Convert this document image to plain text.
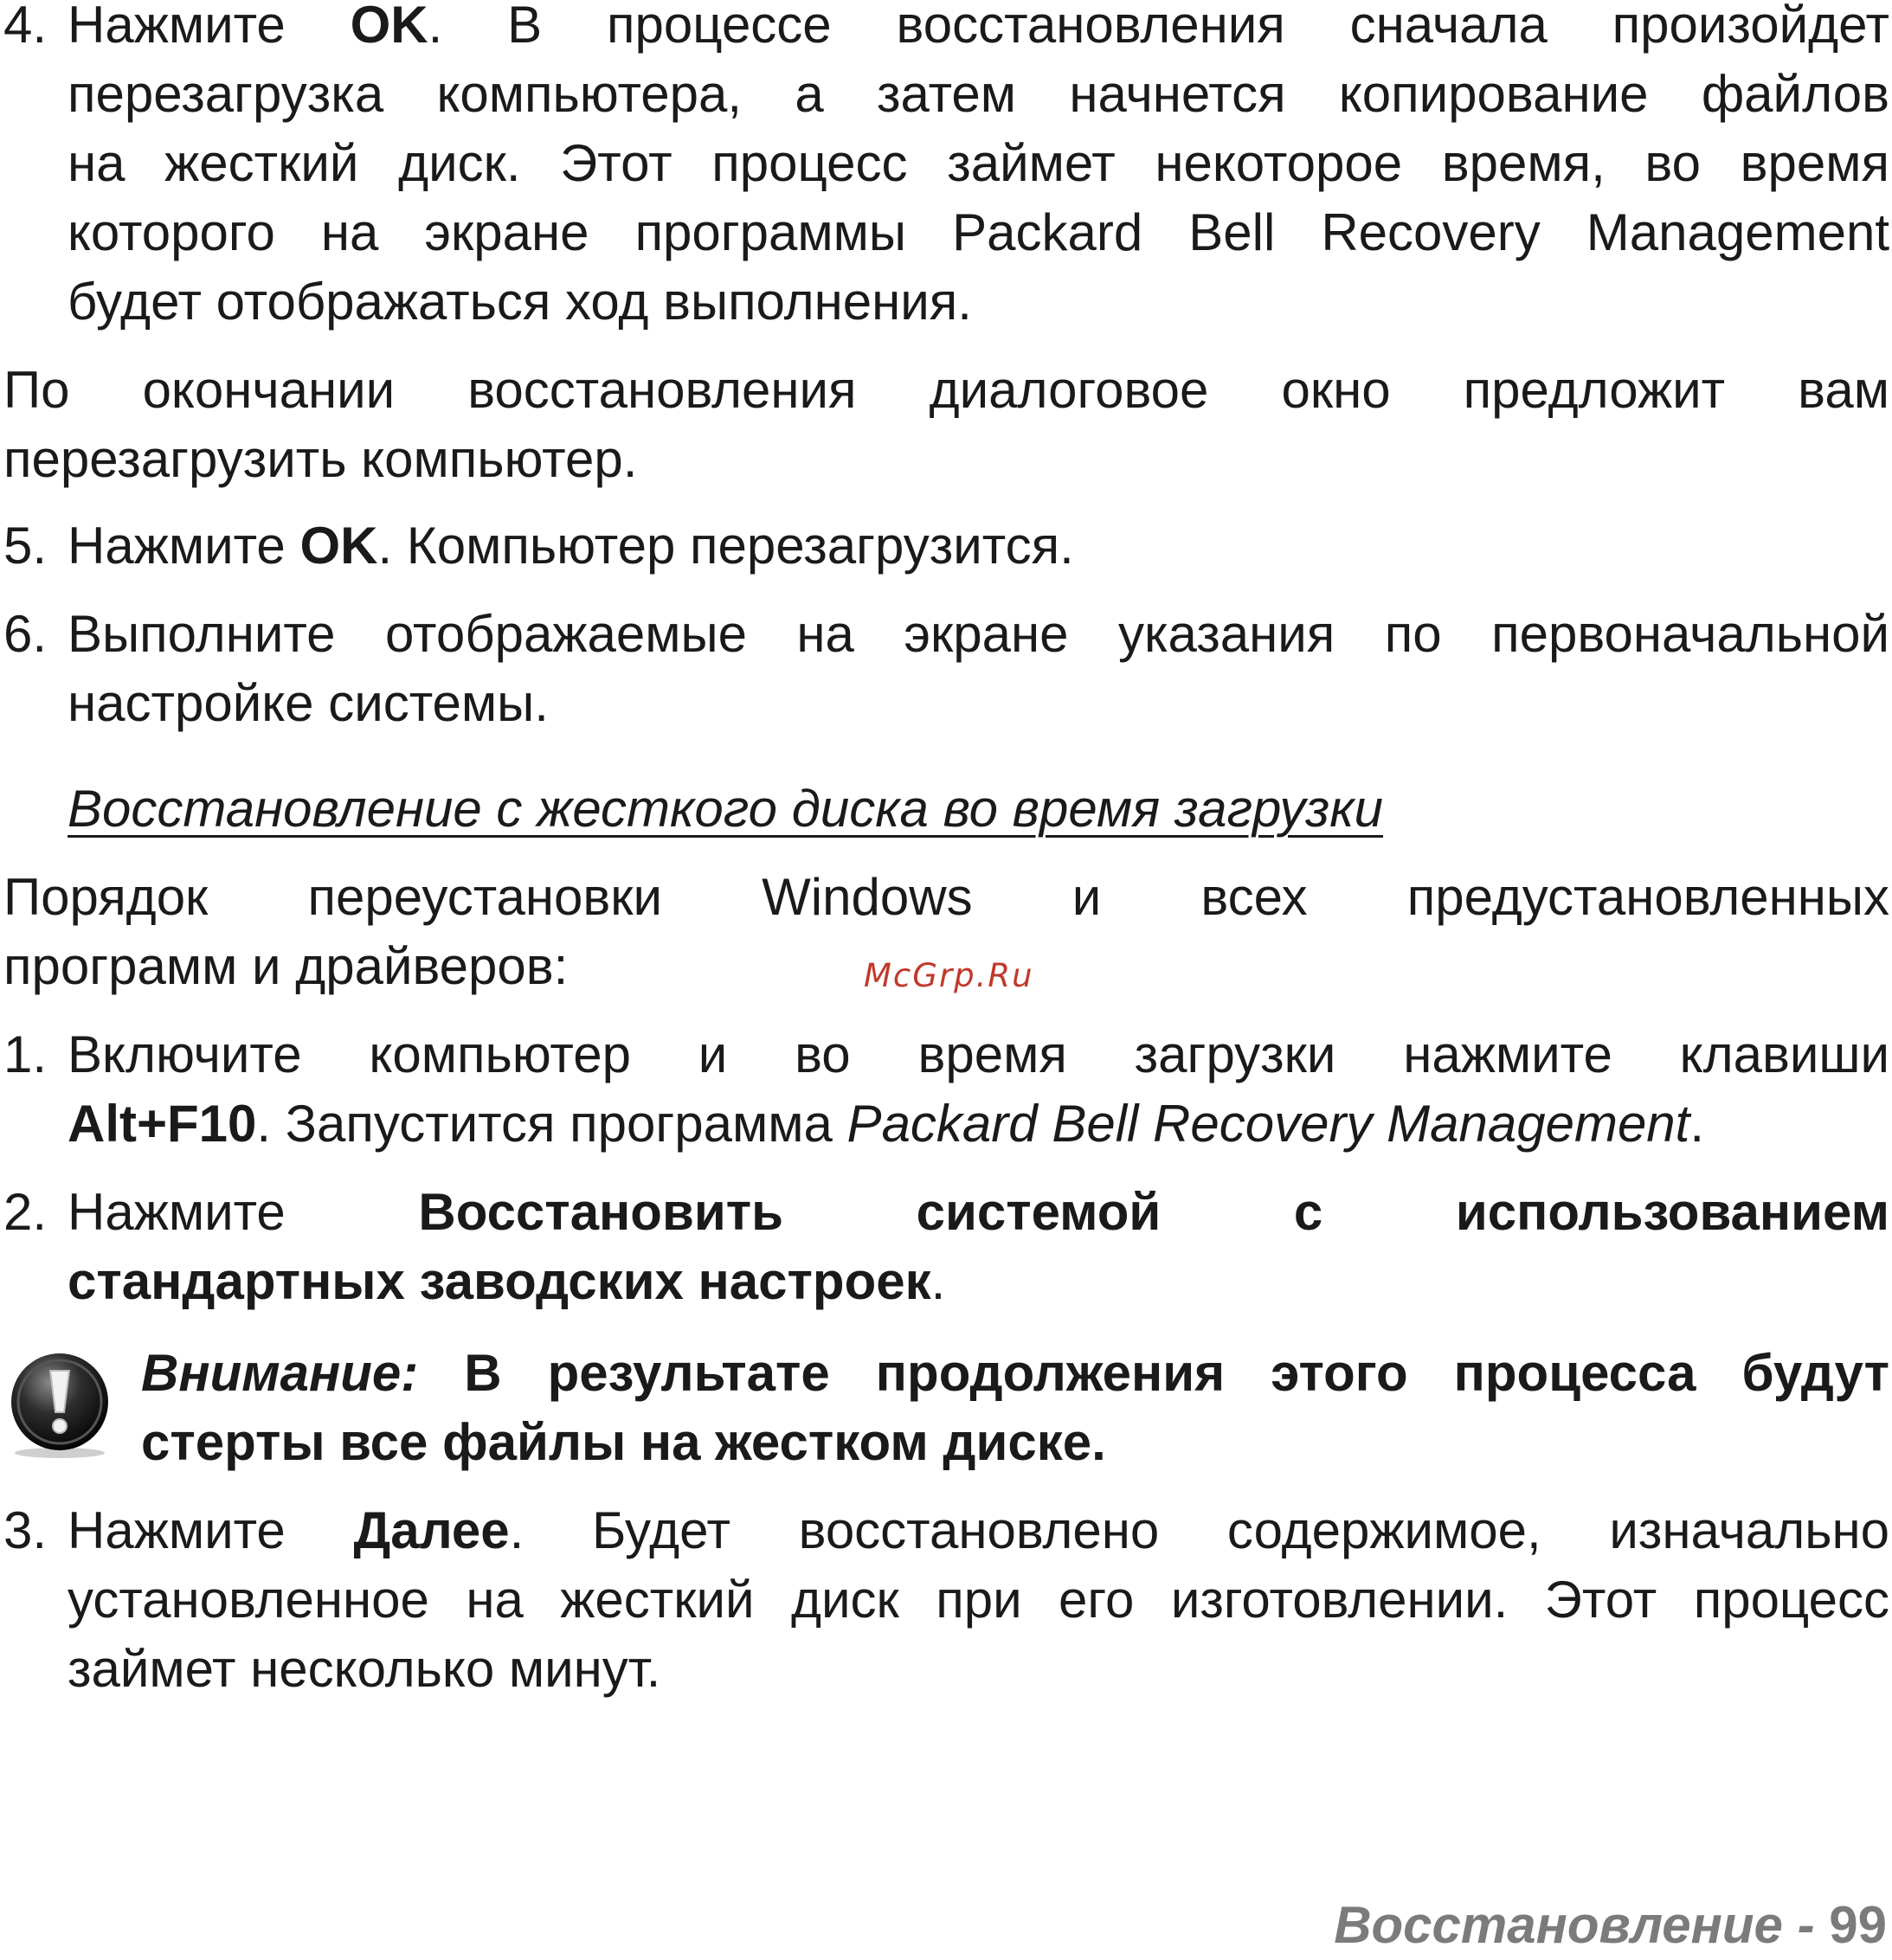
4. Нажмите OK. В процессе восстановления сначала произойдет
перезагрузка компьютера, а затем начнется копирование файлов
на жесткий диск. Этот процесс займет некоторое время, во время
которого на экране программы Packard Bell Recovery Management
будет отображаться ход выполнения.
По окончании восстановления диалоговое окно предложит вам
перезагрузить компьютер.
5. Нажмите OK. Компьютер перезагрузится.
6. Выполните отображаемые на экране указания по первоначальной
настройке системы.
Восстановление с жесткого диска во время загрузки
Порядок переустановки Windows и всех предустановленных
программ и драйверов:	McGrp.Ru
1. Включите компьютер и во время загрузки нажмите клавиши
Alt+F10. Запустится программа Packard Bell Recovery Management.
2. Нажмите	Восстановить системой с использованием
стандартных заводских настроек.
Внимание: В результате продолжения этого процесса будут
стерты все файлы на жестком диске.
3. Нажмите Далее. Будет восстановлено содержимое, изначально
установленное на жесткий диск при его изготовлении. Этот процесс
займет несколько минут.
Восстановление - 99
